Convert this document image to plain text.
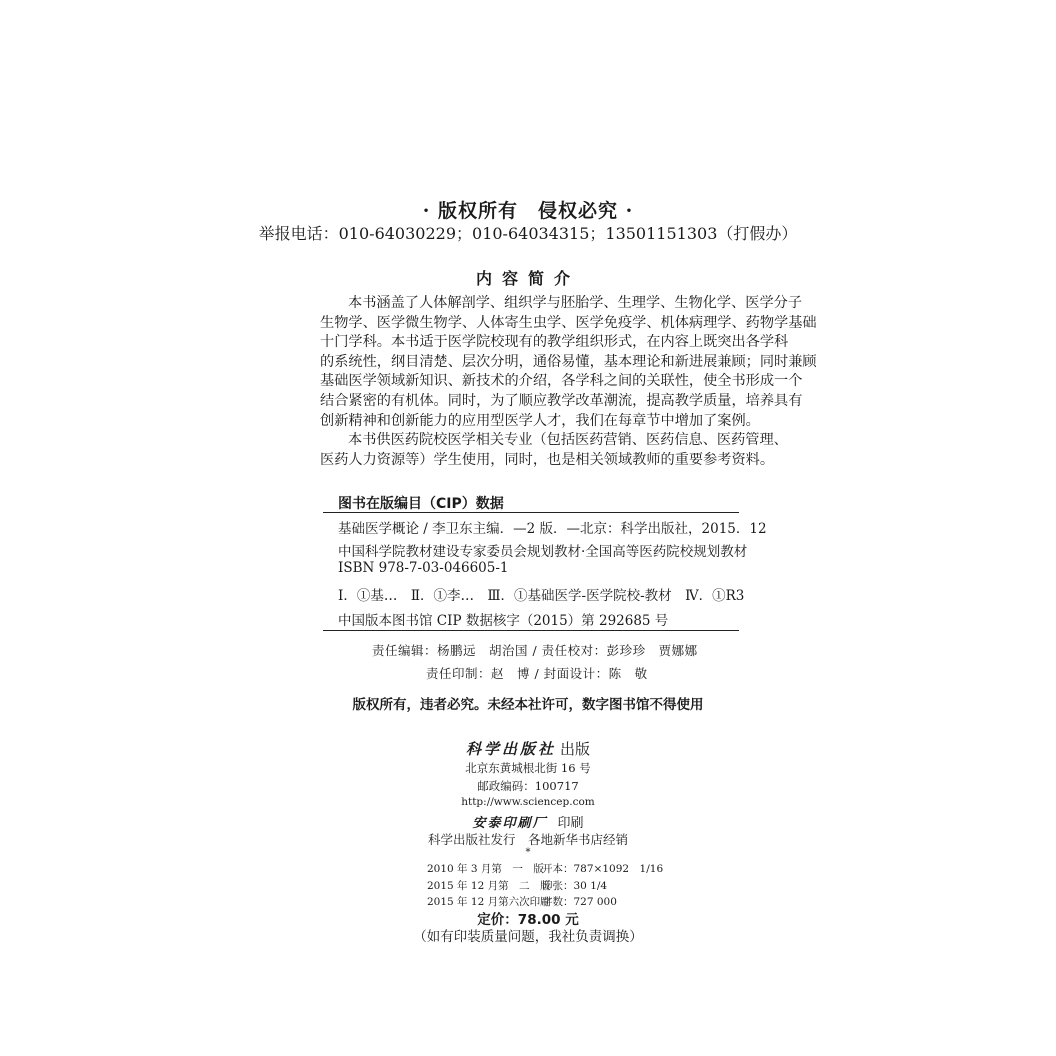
· 版权所有　侵权必究 ·
举报电话：010-64030229；010-64034315；13501151303（打假办）
内容简介
本书涵盖了人体解剖学、组织学与胚胎学、生理学、生物化学、医学分子
生物学、医学微生物学、人体寄生虫学、医学免疫学、机体病理学、药物学基础
十门学科。本书适于医学院校现有的教学组织形式，在内容上既突出各学科
的系统性，纲目清楚、层次分明，通俗易懂，基本理论和新进展兼顾；同时兼顾
基础医学领域新知识、新技术的介绍，各学科之间的关联性，使全书形成一个
结合紧密的有机体。同时，为了顺应教学改革潮流，提高教学质量，培养具有
创新精神和创新能力的应用型医学人才，我们在每章节中增加了案例。
本书供医药院校医学相关专业（包括医药营销、医药信息、医药管理、
医药人力资源等）学生使用，同时，也是相关领域教师的重要参考资料。
图书在版编目（CIP）数据
基础医学概论 / 李卫东主编．—2 版．—北京：科学出版社，2015．12
中国科学院教材建设专家委员会规划教材·全国高等医药院校规划教材
ISBN 978-7-03-046605-1
Ⅰ．①基…　Ⅱ．①李…　Ⅲ．①基础医学-医学院校-教材　Ⅳ．①R3
中国版本图书馆 CIP 数据核字（2015）第 292685 号
责任编辑：杨鹏远　胡治国 / 责任校对：彭珍珍　贾娜娜
责任印制：赵　博 / 封面设计：陈　敬
版权所有，违者必究。未经本社许可，数字图书馆不得使用
科学出版社 出版
北京东黄城根北街 16 号
邮政编码：100717
http://www.sciencep.com
安泰印刷厂 印刷
科学出版社发行　各地新华书店经销
*
2010 年 3 月第　一　版
开本：787×1092　1/16
2015 年 12 月第　二　版
印张：30 1/4
2015 年 12 月第六次印刷
字数：727 000
定价：78.00 元
（如有印装质量问题，我社负责调换）
